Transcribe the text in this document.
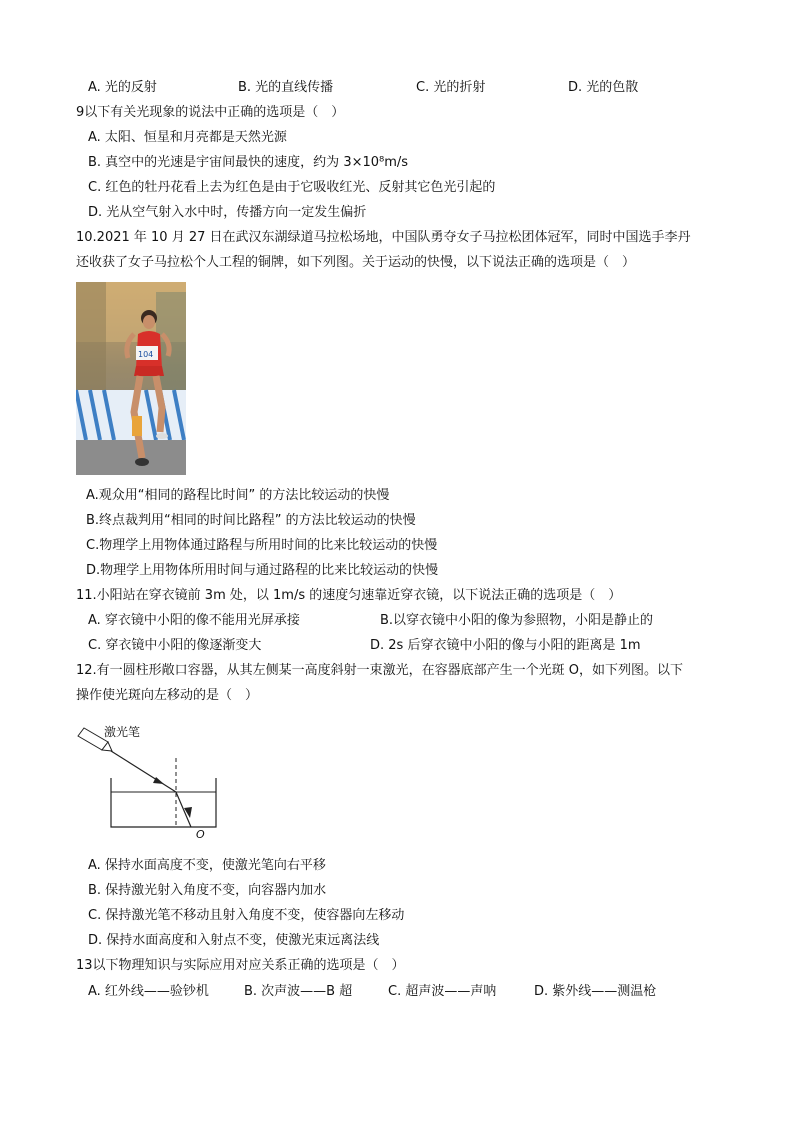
A. 光的反射	B. 光的直线传播	C. 光的折射	D. 光的色散
9以下有关光现象的说法中正确的选项是（　）
A. 太阳、恒星和月亮都是天然光源
B. 真空中的光速是宇宙间最快的速度，约为 3×10⁸m/s
C. 红色的牡丹花看上去为红色是由于它吸收红光、反射其它色光引起的
D. 光从空气射入水中时，传播方向一定发生偏折
10.2021 年 10 月 27 日在武汉东湖绿道马拉松场地，中国队勇夺女子马拉松团体冠军，同时中国选手李丹
还收获了女子马拉松个人工程的铜牌，如下列图。关于运动的快慢，以下说法正确的选项是（　）
104
A.观众用“相同的路程比时间” 的方法比较运动的快慢
B.终点裁判用“相同的时间比路程” 的方法比较运动的快慢
C.物理学上用物体通过路程与所用时间的比来比较运动的快慢
D.物理学上用物体所用时间与通过路程的比来比较运动的快慢
11.小阳站在穿衣镜前 3m 处，以 1m/s 的速度匀速靠近穿衣镜，以下说法正确的选项是（　）
A. 穿衣镜中小阳的像不能用光屏承接	B.以穿衣镜中小阳的像为参照物，小阳是静止的
C. 穿衣镜中小阳的像逐渐变大	D. 2s 后穿衣镜中小阳的像与小阳的距离是 1m
12.有一圆柱形敞口容器，从其左侧某一高度斜射一束激光，在容器底部产生一个光斑 O，如下列图。以下
操作使光斑向左移动的是（　）
激光笔
O
A. 保持水面高度不变，使激光笔向右平移
B. 保持激光射入角度不变，向容器内加水
C. 保持激光笔不移动且射入角度不变，使容器向左移动
D. 保持水面高度和入射点不变，使激光束远离法线
13以下物理知识与实际应用对应关系正确的选项是（　）
A. 红外线——验钞机	B. 次声波——B 超	C. 超声波——声呐	D. 紫外线——测温枪
